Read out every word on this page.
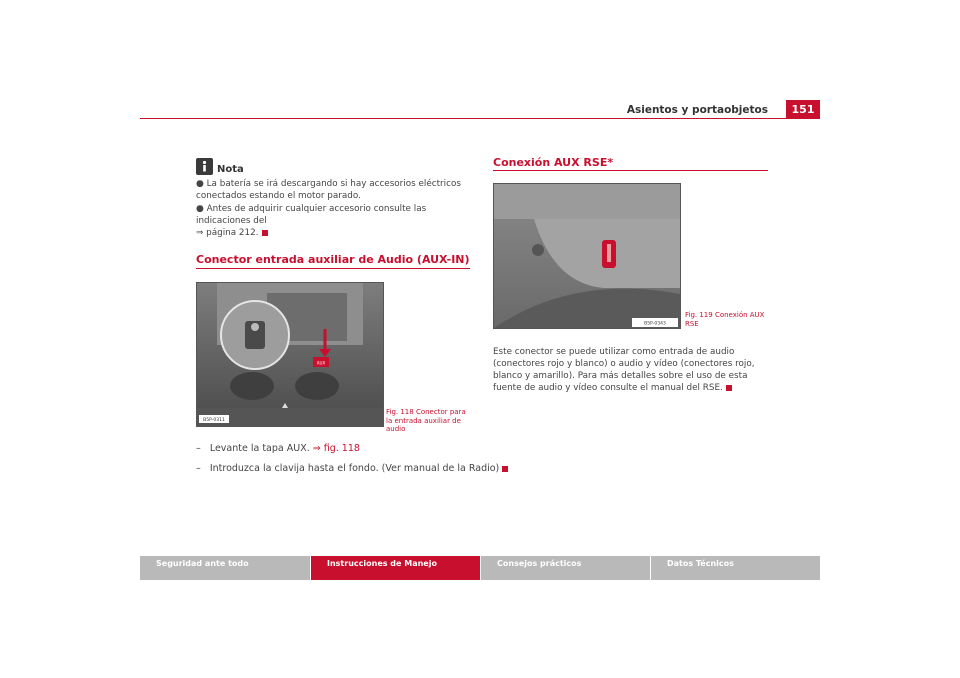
Asientos y portaobjetos	151
Nota
● La batería se irá descargando si hay accesorios eléctricos conectados estando el motor parado.
● Antes de adquirir cualquier accesorio consulte las indicaciones del
⇒ página 212.
Conector entrada auxiliar de Audio (AUX-IN)
AUX
B5P-0311
Fig. 118 Conector para la entrada auxiliar de audio
–   Levante la tapa AUX. ⇒ fig. 118
–   Introduzca la clavija hasta el fondo. (Ver manual de la Radio)
Conexión AUX RSE*
B5P-0343
Fig. 119 Conexión AUX RSE
Este conector se puede utilizar como entrada de audio (conectores rojo y blanco) o audio y vídeo (conectores rojo, blanco y amarillo). Para más detalles sobre el uso de esta fuente de audio y vídeo consulte el manual del RSE.
Seguridad ante todo	Instrucciones de Manejo	Consejos prácticos	Datos Técnicos
